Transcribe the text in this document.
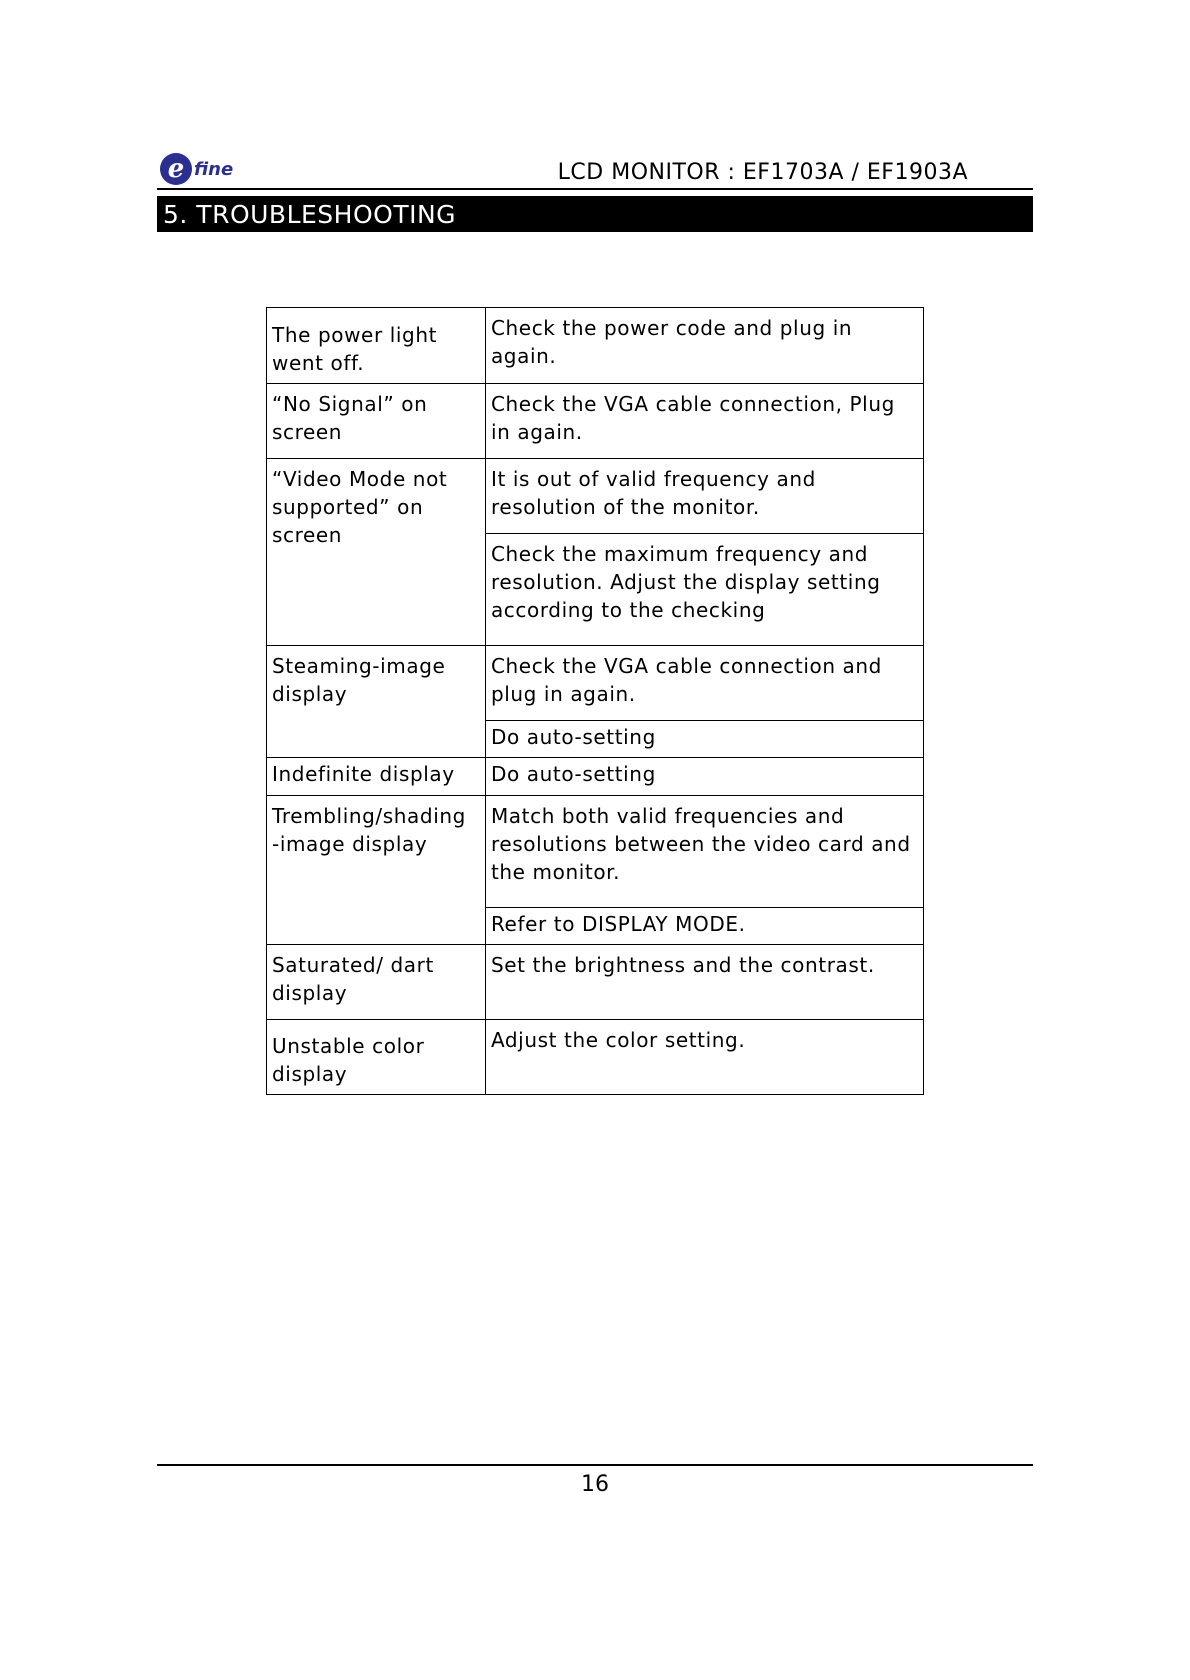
e fine	LCD MONITOR : EF1703A / EF1903A
5. TROUBLESHOOTING
The power light went off.	Check the power code and plug in again.
“No Signal” on screen	Check the VGA cable connection, Plug in again.
“Video Mode not supported” on screen	It is out of valid frequency and resolution of the monitor.
	Check the maximum frequency and resolution. Adjust the display setting according to the checking
Steaming-image display	Check the VGA cable connection and plug in again.
	Do auto-setting
Indefinite display	Do auto-setting
Trembling/shading -image display	Match both valid frequencies and resolutions between the video card and the monitor.
	Refer to DISPLAY MODE.
Saturated/ dart display	Set the brightness and the contrast.
Unstable color display	Adjust the color setting.
16
